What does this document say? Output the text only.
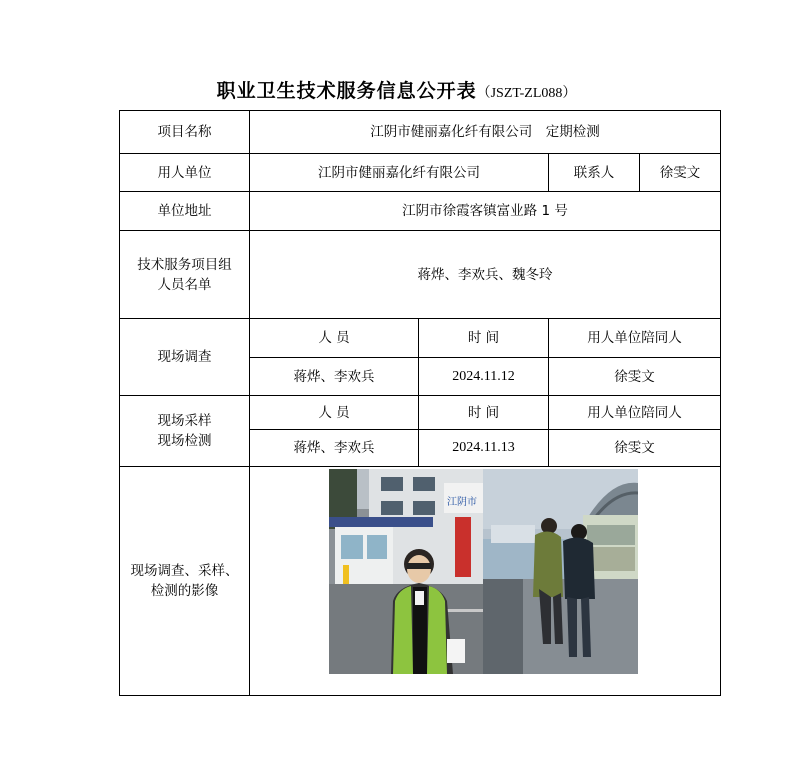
职业卫生技术服务信息公开表（JSZT-ZL088）
项目名称	江阴市健丽嘉化纤有限公司　定期检测			
用人单位	江阴市健丽嘉化纤有限公司		联系人	徐雯文
单位地址	江阴市徐霞客镇富业路 1 号			

技术服务项目组
人员名单	蒋烨、李欢兵、魏冬玲			
现场调查	人 员	时 间	用人单位陪同人	
	蒋烨、李欢兵	2024.11.12	徐雯文	

现场采样
现场检测	人 员	时 间	用人单位陪同人	
	蒋烨、李欢兵	2024.11.13	徐雯文	

现场调查、采样、
检测的影像	江阴市			
